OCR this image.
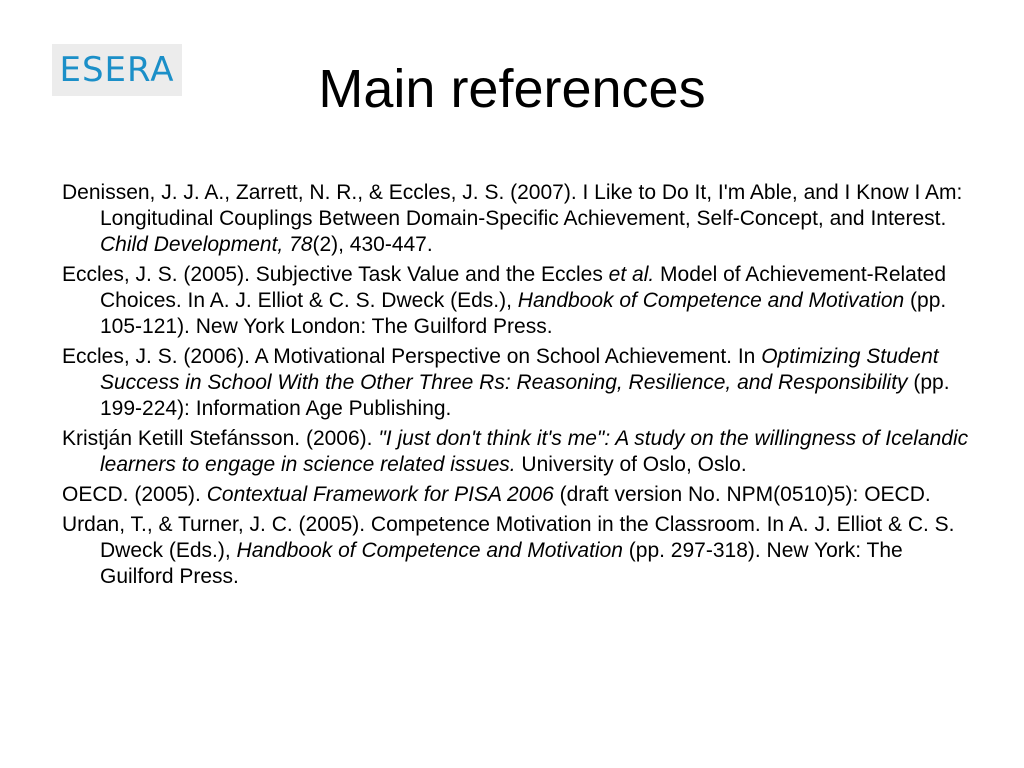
ESERA	Main references
Denissen, J. J. A., Zarrett, N. R., & Eccles, J. S. (2007). I Like to Do It, I'm Able, and I Know I Am: Longitudinal Couplings Between Domain-Specific Achievement, Self-Concept, and Interest. Child Development, 78(2), 430-447.
Eccles, J. S. (2005). Subjective Task Value and the Eccles et al. Model of Achievement-Related Choices. In A. J. Elliot & C. S. Dweck (Eds.), Handbook of Competence and Motivation (pp. 105-121). New York London: The Guilford Press.
Eccles, J. S. (2006). A Motivational Perspective on School Achievement. In Optimizing Student Success in School With the Other Three Rs: Reasoning, Resilience, and Responsibility (pp. 199-224): Information Age Publishing.
Kristján Ketill Stefánsson. (2006). "I just don't think it's me": A study on the willingness of Icelandic learners to engage in science related issues. University of Oslo, Oslo.
OECD. (2005). Contextual Framework for PISA 2006 (draft version No. NPM(0510)5): OECD.
Urdan, T., & Turner, J. C. (2005). Competence Motivation in the Classroom. In A. J. Elliot & C. S. Dweck (Eds.), Handbook of Competence and Motivation (pp. 297-318). New York: The Guilford Press.
